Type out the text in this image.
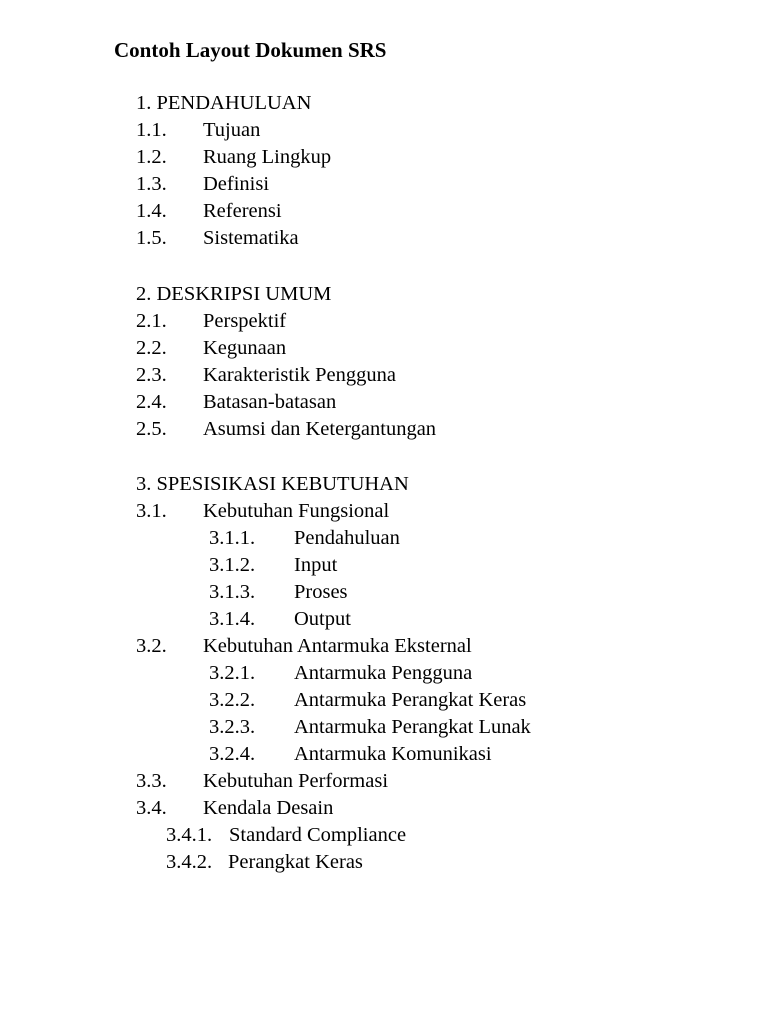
Contoh Layout Dokumen SRS
1. PENDAHULUAN
1.1. Tujuan
1.2. Ruang Lingkup
1.3. Definisi
1.4. Referensi
1.5. Sistematika
2. DESKRIPSI UMUM
2.1. Perspektif
2.2. Kegunaan
2.3. Karakteristik Pengguna
2.4. Batasan-batasan
2.5. Asumsi dan Ketergantungan
3. SPESISIKASI KEBUTUHAN
3.1. Kebutuhan Fungsional
3.1.1. Pendahuluan
3.1.2. Input
3.1.3. Proses
3.1.4. Output
3.2. Kebutuhan Antarmuka Eksternal
3.2.1. Antarmuka Pengguna
3.2.2. Antarmuka Perangkat Keras
3.2.3. Antarmuka Perangkat Lunak
3.2.4. Antarmuka Komunikasi
3.3. Kebutuhan Performasi
3.4. Kendala Desain
3.4.1. Standard Compliance
3.4.2. Perangkat Keras
